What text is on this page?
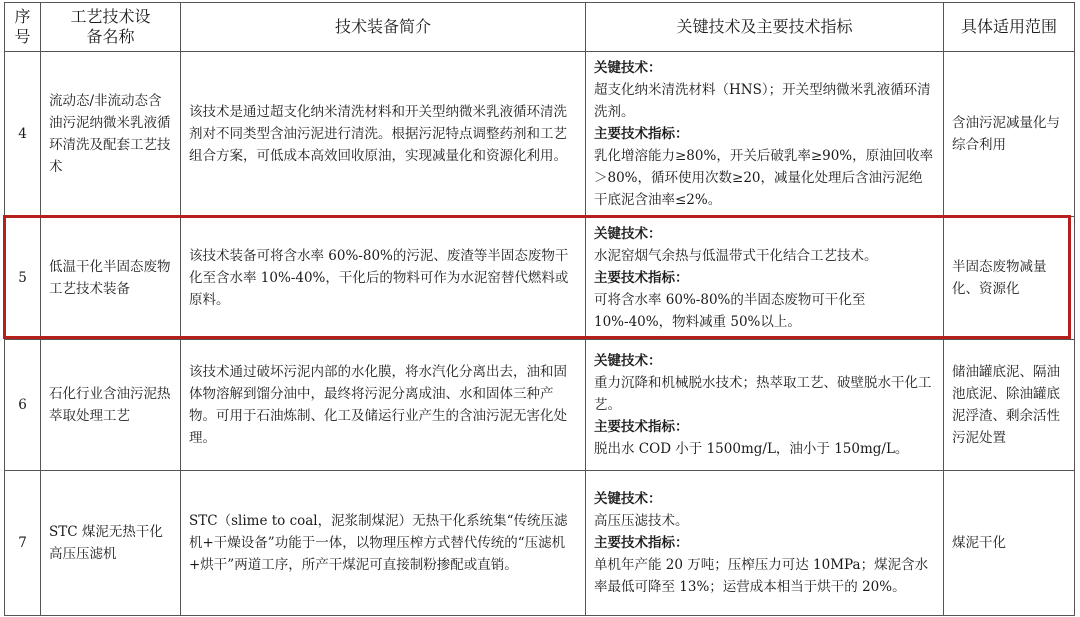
序号	工艺技术设备名称	技术装备简介	关键技术及主要技术指标	具体适用范围
4	流动态/非流动态含油污泥纳微米乳液循环清洗及配套工艺技术	该技术是通过超支化纳米清洗材料和开关型纳微米乳液循环清洗剂对不同类型含油污泥进行清洗。根据污泥特点调整药剂和工艺组合方案，可低成本高效回收原油，实现减量化和资源化利用。	关键技术：
超支化纳米清洗材料（HNS）；开关型纳微米乳液循环清洗剂。
主要技术指标：
乳化增溶能力≥80%，开关后破乳率≥90%，原油回收率＞80%，循环使用次数≥20，减量化处理后含油污泥绝干底泥含油率≤2%。	含油污泥减量化与综合利用
5	低温干化半固态废物工艺技术装备	该技术装备可将含水率 60%-80%的污泥、废渣等半固态废物干化至含水率 10%-40%，干化后的物料可作为水泥窑替代燃料或原料。	关键技术：
水泥窑烟气余热与低温带式干化结合工艺技术。
主要技术指标：
可将含水率 60%-80%的半固态废物可干化至10%-40%，物料减重 50%以上。	半固态废物减量化、资源化
6	石化行业含油污泥热萃取处理工艺	该技术通过破坏污泥内部的水化膜，将水汽化分离出去，油和固体物溶解到馏分油中，最终将污泥分离成油、水和固体三种产物。可用于石油炼制、化工及储运行业产生的含油污泥无害化处理。	关键技术：
重力沉降和机械脱水技术；热萃取工艺、破壁脱水干化工艺。
主要技术指标：
脱出水 COD 小于 1500mg/L，油小于 150mg/L。	储油罐底泥、隔油池底泥、除油罐底泥浮渣、剩余活性污泥处置
7	STC 煤泥无热干化高压压滤机	STC（slime to coal，泥浆制煤泥）无热干化系统集“传统压滤机+干燥设备”功能于一体，以物理压榨方式替代传统的“压滤机+烘干”两道工序，所产干煤泥可直接制粉掺配或直销。	关键技术：
高压压滤技术。
主要技术指标：
单机年产能 20 万吨；压榨压力可达 10MPa；煤泥含水率最低可降至 13%；运营成本相当于烘干的 20%。	煤泥干化
